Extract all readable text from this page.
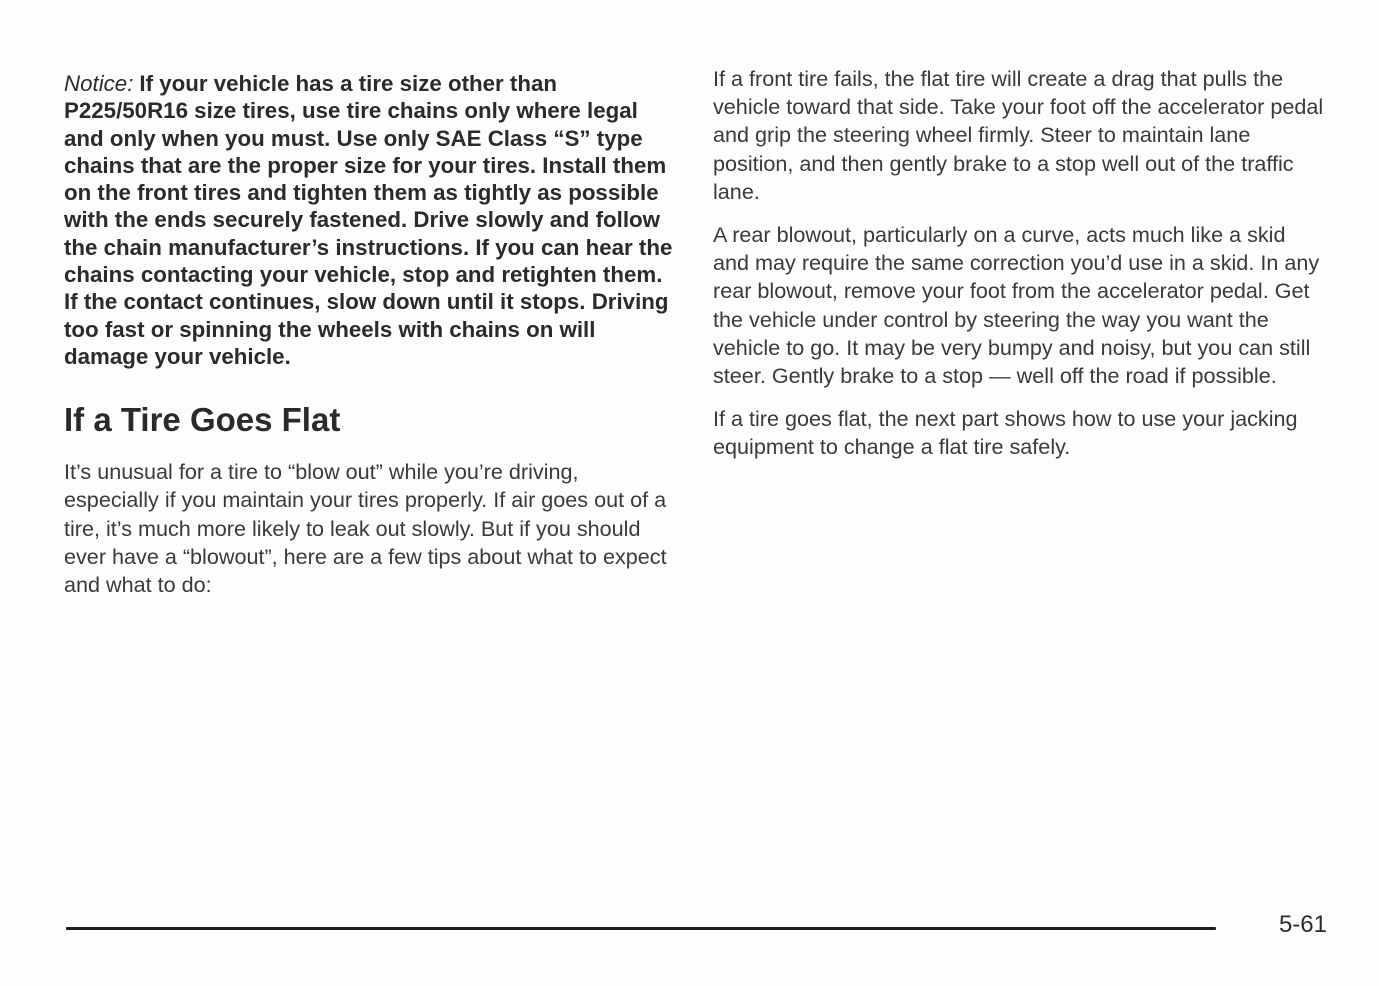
Notice: If your vehicle has a tire size other than P225/50R16 size tires, use tire chains only where legal and only when you must. Use only SAE Class “S” type chains that are the proper size for your tires. Install them on the front tires and tighten them as tightly as possible with the ends securely fastened. Drive slowly and follow the chain manufacturer’s instructions. If you can hear the chains contacting your vehicle, stop and retighten them. If the contact continues, slow down until it stops. Driving too fast or spinning the wheels with chains on will damage your vehicle.

If a Tire Goes Flat

It’s unusual for a tire to “blow out” while you’re driving, especially if you maintain your tires properly. If air goes out of a tire, it’s much more likely to leak out slowly. But if you should ever have a “blowout”, here are a few tips about what to expect and what to do:

If a front tire fails, the flat tire will create a drag that pulls the vehicle toward that side. Take your foot off the accelerator pedal and grip the steering wheel firmly. Steer to maintain lane position, and then gently brake to a stop well out of the traffic lane.

A rear blowout, particularly on a curve, acts much like a skid and may require the same correction you’d use in a skid. In any rear blowout, remove your foot from the accelerator pedal. Get the vehicle under control by steering the way you want the vehicle to go. It may be very bumpy and noisy, but you can still steer. Gently brake to a stop — well off the road if possible.

If a tire goes flat, the next part shows how to use your jacking equipment to change a flat tire safely.

5-61
